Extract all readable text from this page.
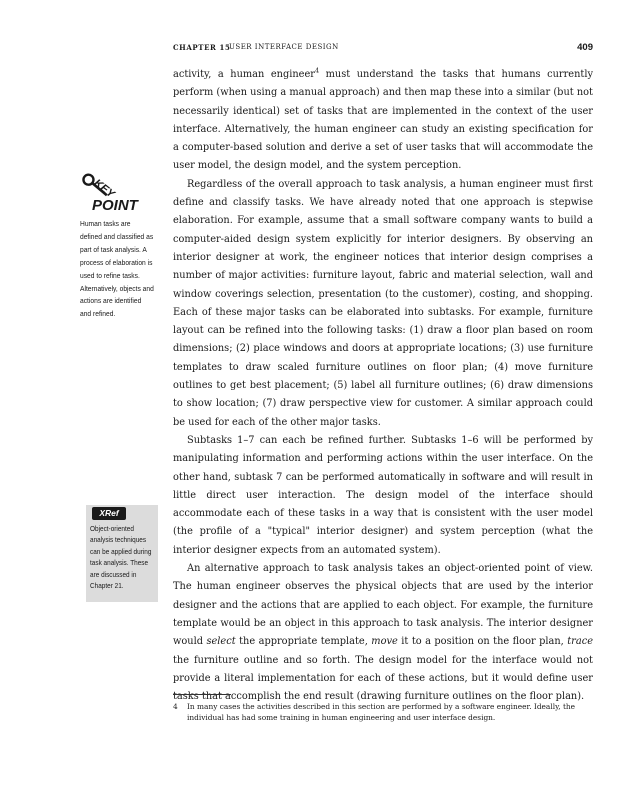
CHAPTER 15
USER INTERFACE DESIGN	409
KEY
POINT
Human tasks are defined and classified as part of task analysis. A process of elaboration is used to refine tasks. Alternatively, objects and actions are identified and refined.

activity, a human engineer$^4$ must understand the tasks that humans currently perform (when using a manual approach) and then map these into a similar (but not necessarily identical) set of tasks that are implemented in the context of the user interface. Alternatively, the human engineer can study an existing specification for a computer-based solution and derive a set of user tasks that will accommodate the user model, the design model, and the system perception.

Regardless of the overall approach to task analysis, a human engineer must first define and classify tasks. We have already noted that one approach is stepwise elaboration. For example, assume that a small software company wants to build a computer-aided design system explicitly for interior designers. By observing an interior designer at work, the engineer notices that interior design comprises a number of major activities: furniture layout, fabric and material selection, wall and window coverings selection, presentation (to the customer), costing, and shopping. Each of these major tasks can be elaborated into subtasks. For example, furniture layout can be refined into the following tasks: (1) draw a floor plan based on room dimensions; (2) place windows and doors at appropriate locations; (3) use furniture templates to draw scaled furniture outlines on floor plan; (4) move furniture outlines to get best placement; (5) label all furniture outlines; (6) draw dimensions to show location; (7) draw perspective view for customer. A similar approach could be used for each of the other major tasks.

Subtasks 1–7 can each be refined further. Subtasks 1–6 will be performed by manipulating information and performing actions within the user interface. On the other hand, subtask 7 can be performed automatically in software and will result in little direct user interaction. The design model of the interface should accommodate each of these tasks in a way that is consistent with the user model (the profile of a "typical" interior designer) and system perception (what the interior designer expects from an automated system).

An alternative approach to task analysis takes an object-oriented point of view. The human engineer observes the physical objects that are used by the interior designer and the actions that are applied to each object. For example, the furniture template would be an object in this approach to task analysis. The interior designer would select the appropriate template, move it to a position on the floor plan, trace the furniture outline and so forth. The design model for the interface would not provide a literal implementation for each of these actions, but it would define user tasks that accomplish the end result (drawing furniture outlines on the floor plan).

XRef
Object-oriented analysis techniques can be applied during task analysis. These are discussed in Chapter 21.
4	In many cases the activities described in this section are performed by a software engineer. Ideally, the individual has had some training in human engineering and user interface design.
